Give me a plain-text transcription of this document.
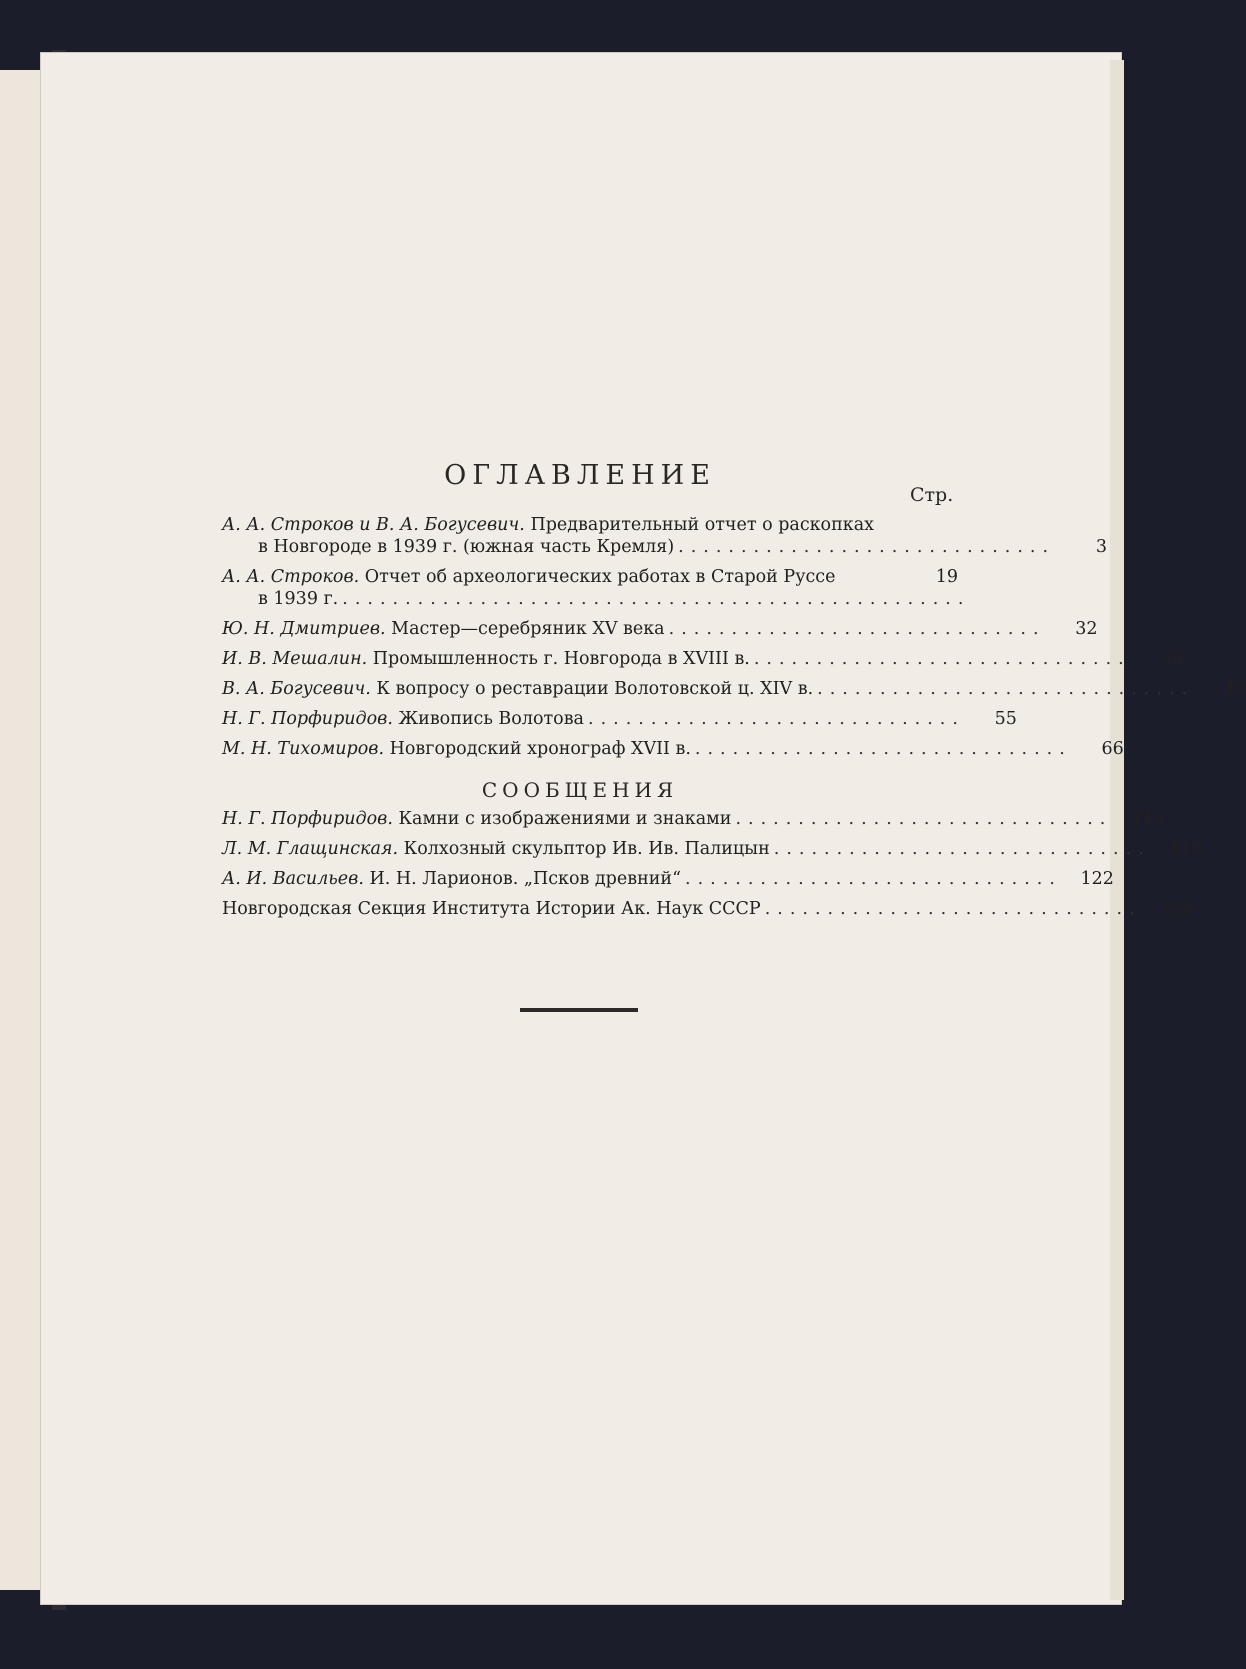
ОГЛАВЛЕНИЕ
Стр.
А. А. Строков и В. А. Богусевич. Предварительный отчет о раскопках
в Новгороде в 1939 г. (южная часть Кремля) ..............................	3
А. А. Строков. Отчет об археологических работах в Старой Руссе	19
в 1939 г. ..................................................
Ю. Н. Дмитриев. Мастер—серебряник XV века ..............................	32
И. В. Мешалин. Промышленность г. Новгорода в XVIII в. ..............................	39
В. А. Богусевич. К вопросу о реставрации Волотовской ц. XIV в. ..............................	48
Н. Г. Порфиридов. Живопись Волотова ..............................	55
М. Н. Тихомиров. Новгородский хронограф XVII в. ..............................	66
СООБЩЕНИЯ
Н. Г. Порфиридов. Камни с изображениями и знаками ..............................	115
Л. М. Глащинская. Колхозный скульптор Ив. Ив. Палицын ..............................	119
А. И. Васильев. И. Н. Ларионов. „Псков древний“ ..............................	122
Новгородская Секция Института Истории Ак. Наук СССР ..............................	125
